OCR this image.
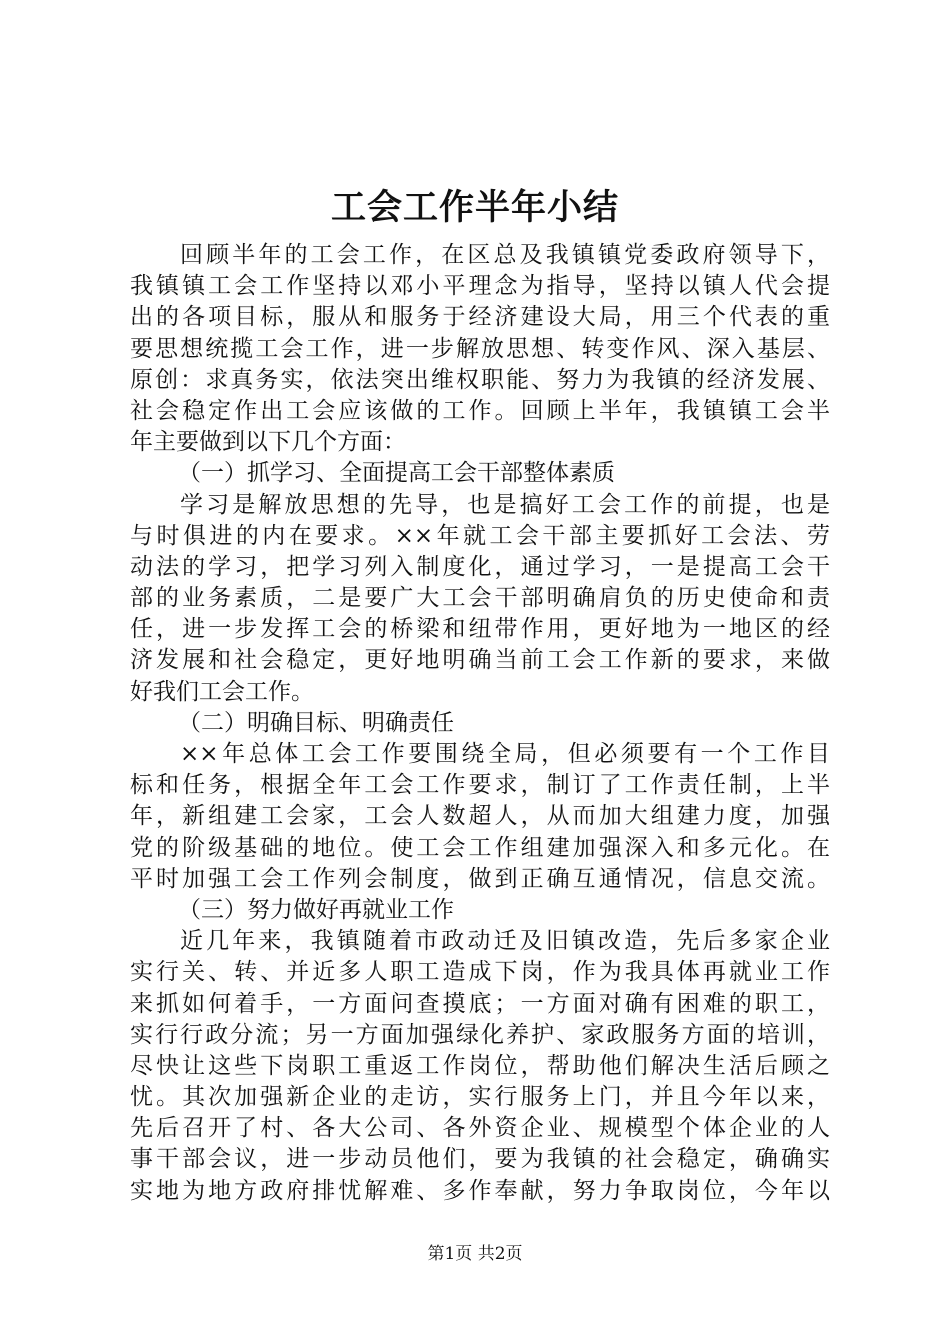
工会工作半年小结
回顾半年的工会工作，在区总及我镇镇党委政府领导下，
我镇镇工会工作坚持以邓小平理念为指导，坚持以镇人代会提
出的各项目标，服从和服务于经济建设大局，用三个代表的重
要思想统揽工会工作，进一步解放思想、转变作风、深入基层、
原创：求真务实，依法突出维权职能、努力为我镇的经济发展、
社会稳定作出工会应该做的工作。回顾上半年，我镇镇工会半
年主要做到以下几个方面：
（一）抓学习、全面提高工会干部整体素质
学习是解放思想的先导，也是搞好工会工作的前提，也是
与时俱进的内在要求。××年就工会干部主要抓好工会法、劳
动法的学习，把学习列入制度化，通过学习，一是提高工会干
部的业务素质，二是要广大工会干部明确肩负的历史使命和责
任，进一步发挥工会的桥梁和纽带作用，更好地为一地区的经
济发展和社会稳定，更好地明确当前工会工作新的要求，来做
好我们工会工作。
（二）明确目标、明确责任
××年总体工会工作要围绕全局，但必须要有一个工作目
标和任务，根据全年工会工作要求，制订了工作责任制，上半
年，新组建工会家，工会人数超人，从而加大组建力度，加强
党的阶级基础的地位。使工会工作组建加强深入和多元化。在
平时加强工会工作列会制度，做到正确互通情况，信息交流。
（三）努力做好再就业工作
近几年来，我镇随着市政动迁及旧镇改造，先后多家企业
实行关、转、并近多人职工造成下岗，作为我具体再就业工作
来抓如何着手，一方面问查摸底；一方面对确有困难的职工，
实行行政分流；另一方面加强绿化养护、家政服务方面的培训，
尽快让这些下岗职工重返工作岗位，帮助他们解决生活后顾之
忧。其次加强新企业的走访，实行服务上门，并且今年以来，
先后召开了村、各大公司、各外资企业、规模型个体企业的人
事干部会议，进一步动员他们，要为我镇的社会稳定，确确实
实地为地方政府排忧解难、多作奉献，努力争取岗位，今年以
第1页 共2页
